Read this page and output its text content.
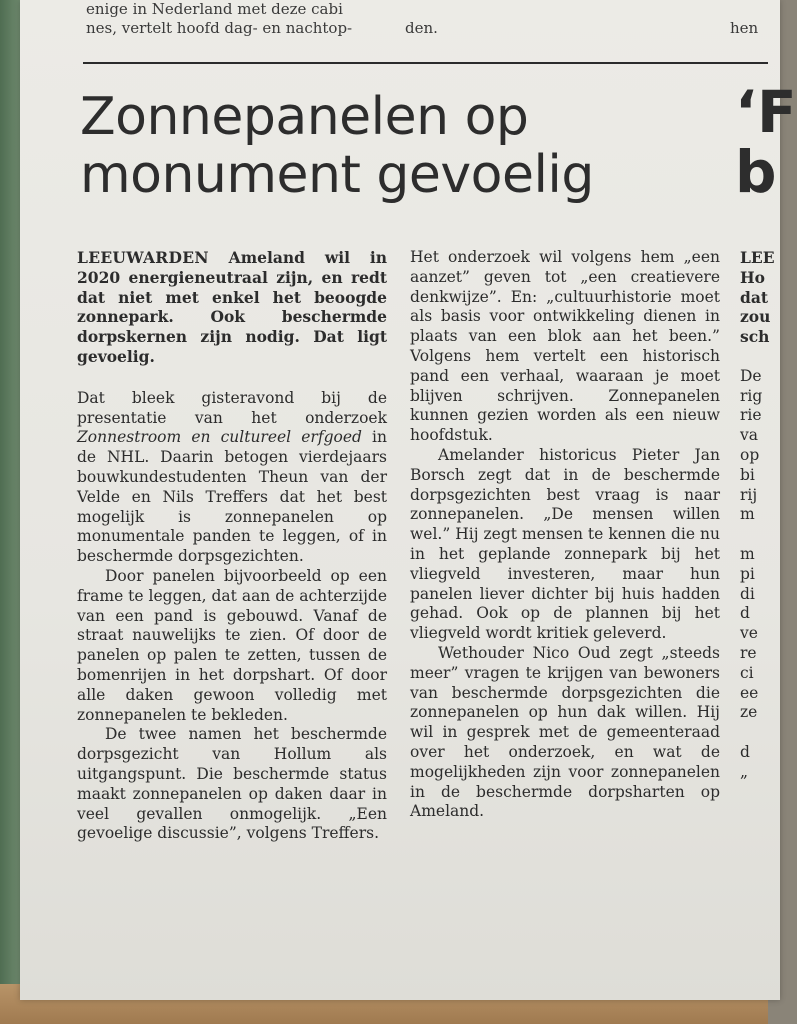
enige in Nederland met deze cabi
nes, vertelt hoofd dag- en nachtop-
	den.
	hen
Zonnepanelen op
monument gevoelig
‘F
b

LEEUWARDEN Ameland wil in 2020 energieneutraal zijn, en redt dat niet met enkel het beoogde zonnepark. Ook beschermde dorpskernen zijn nodig. Dat ligt gevoelig.

Dat bleek gisteravond bij de presentatie van het onderzoek Zonnestroom en cultureel erfgoed in de NHL. Daarin betogen vierdejaars bouwkundestudenten Theun van der Velde en Nils Treffers dat het best mogelijk is zonnepanelen op monumentale panden te leggen, of in beschermde dorpsgezichten.

Door panelen bijvoorbeeld op een frame te leggen, dat aan de achterzijde van een pand is gebouwd. Vanaf de straat nauwelijks te zien. Of door de panelen op palen te zetten, tussen de bomenrijen in het dorpshart. Of door alle daken gewoon volledig met zonnepanelen te bekleden.

De twee namen het beschermde dorpsgezicht van Hollum als uitgangspunt. Die beschermde status maakt zonnepanelen op daken daar in veel gevallen onmogelijk. „Een gevoelige discussie”, volgens Treffers.

Het onderzoek wil volgens hem „een aanzet” geven tot „een creatievere denkwijze”. En: „cultuurhistorie moet als basis voor ontwikkeling dienen in plaats van een blok aan het been.” Volgens hem vertelt een historisch pand een verhaal, waaraan je moet blijven schrijven. Zonnepanelen kunnen gezien worden als een nieuw hoofdstuk.

Amelander historicus Pieter Jan Borsch zegt dat in de beschermde dorpsgezichten best vraag is naar zonnepanelen. „De mensen willen wel.” Hij zegt mensen te kennen die nu in het geplande zonnepark bij het vliegveld investeren, maar hun panelen liever dichter bij huis hadden gehad. Ook op de plannen bij het vliegveld wordt kritiek geleverd.

Wethouder Nico Oud zegt „steeds meer” vragen te krijgen van bewoners van beschermde dorpsgezichten die zonnepanelen op hun dak willen. Hij wil in gesprek met de gemeenteraad over het onderzoek, en wat de mogelijkheden zijn voor zonnepanelen in de beschermde dorpsharten op Ameland.

LEE
Ho
dat
zou
sch

De
rig
rie
va
op
bi
rij
m

m
pi
di
d
ve
re
ci
ee
ze

d
„
